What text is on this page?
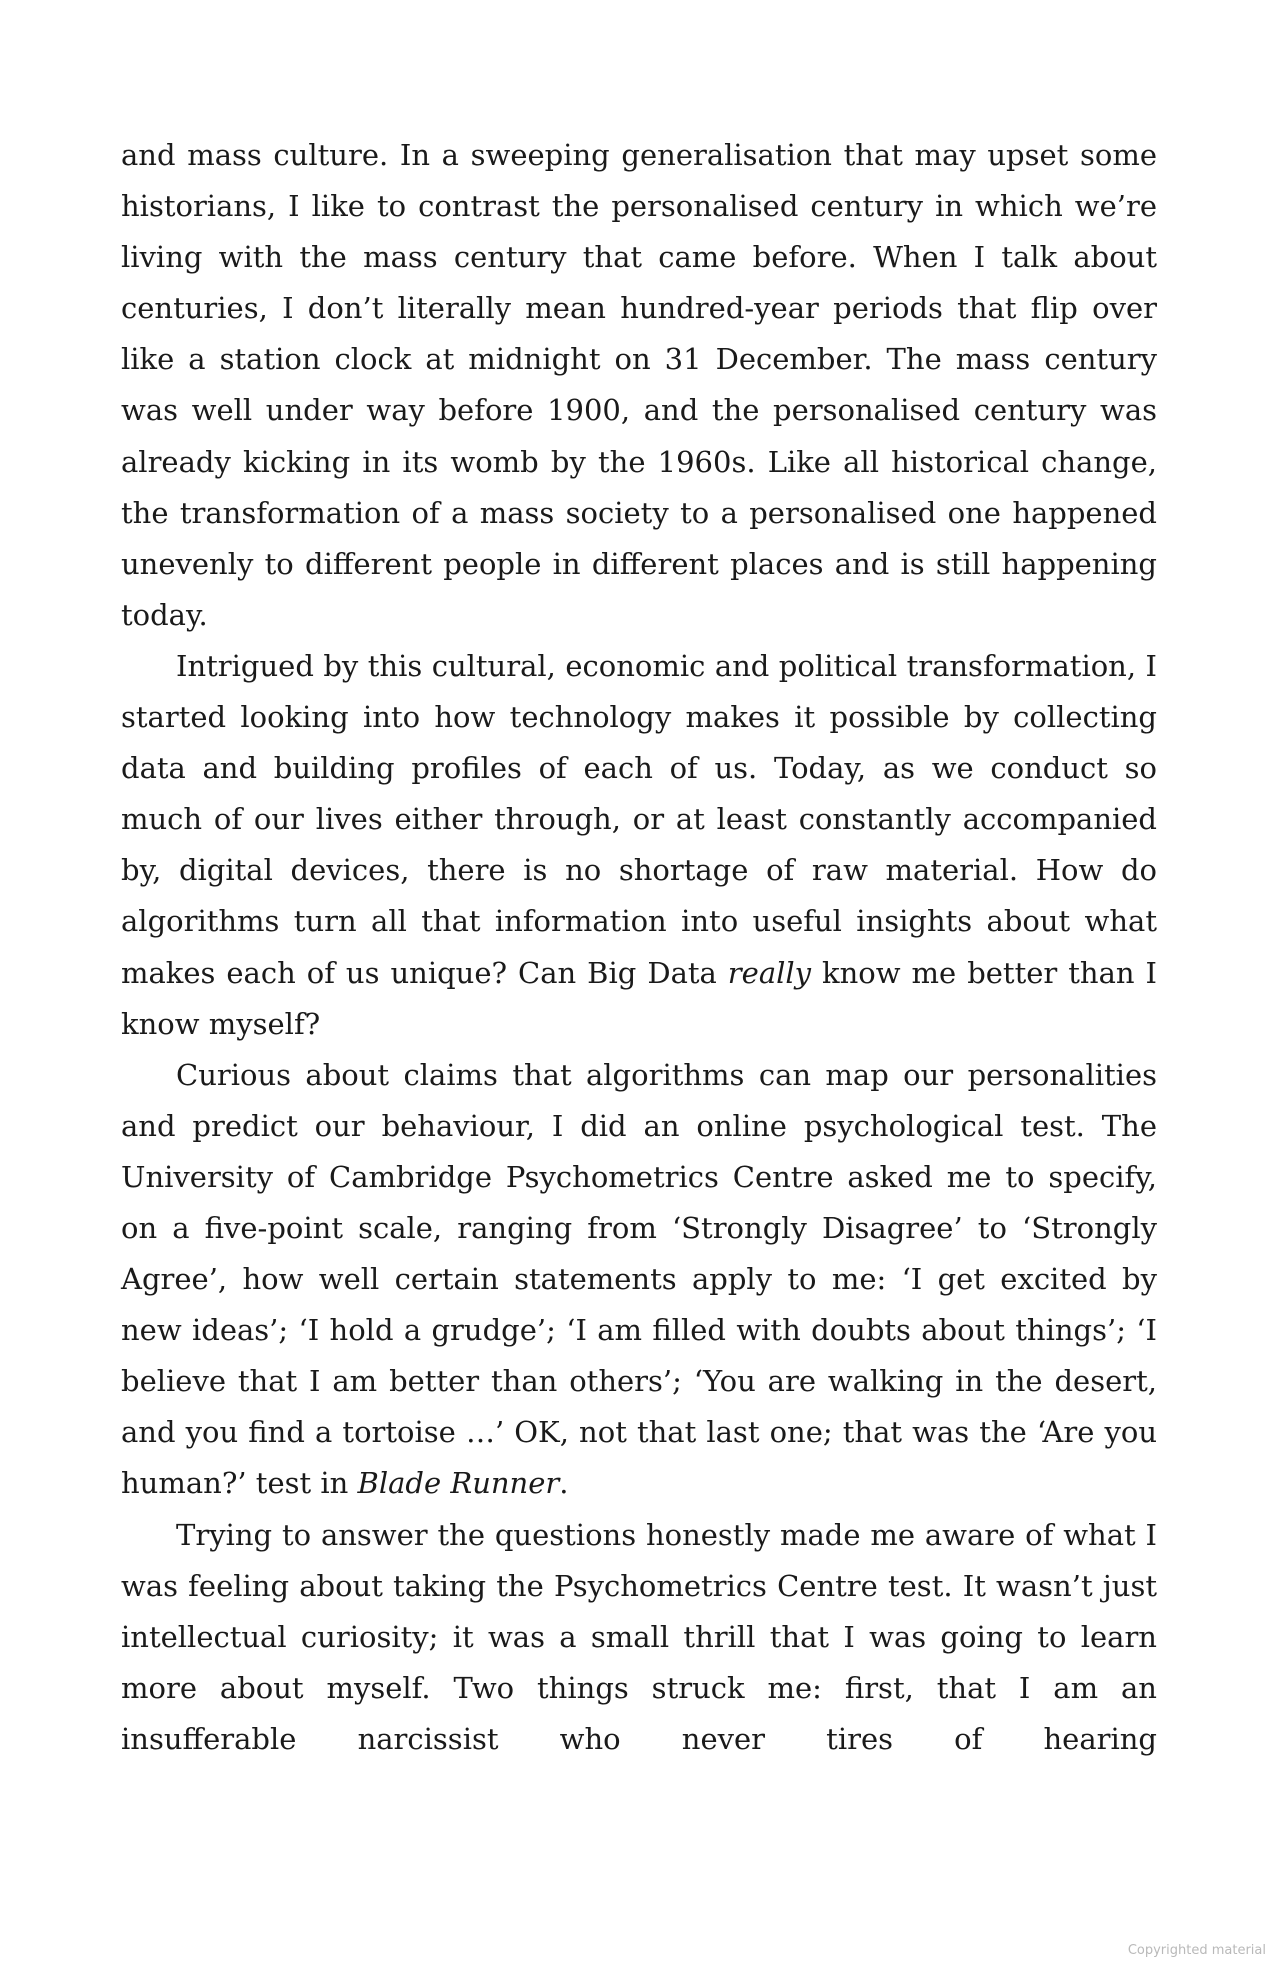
and mass culture. In a sweeping generalisation that may upset some historians, I like to contrast the personalised century in which we’re living with the mass century that came before. When I talk about centuries, I don’t literally mean hundred-year periods that flip over like a station clock at midnight on 31 December. The mass century was well under way before 1900, and the personalised century was already kicking in its womb by the 1960s. Like all historical change, the transformation of a mass society to a personalised one happened unevenly to different people in different places and is still happening today.

Intrigued by this cultural, economic and political transformation, I started looking into how technology makes it possible by collecting data and building profiles of each of us. Today, as we conduct so much of our lives either through, or at least constantly accompanied by, digital devices, there is no shortage of raw material. How do algorithms turn all that information into useful insights about what makes each of us unique? Can Big Data really know me better than I know myself?

Curious about claims that algorithms can map our personalities and predict our behaviour, I did an online psychological test. The University of Cambridge Psychometrics Centre asked me to specify, on a five-point scale, ranging from ‘Strongly Disagree’ to ‘Strongly Agree’, how well certain statements apply to me: ‘I get excited by new ideas’; ‘I hold a grudge’; ‘I am filled with doubts about things’; ‘I believe that I am better than others’; ‘You are walking in the desert, and you find a tortoise …’ OK, not that last one; that was the ‘Are you human?’ test in Blade Runner.

Trying to answer the questions honestly made me aware of what I was feeling about taking the Psychometrics Centre test. It wasn’t just intellectual curiosity; it was a small thrill that I was going to learn more about myself. Two things struck me: first, that I am an insufferable narcissist who never tires of hearing

Copyrighted material
